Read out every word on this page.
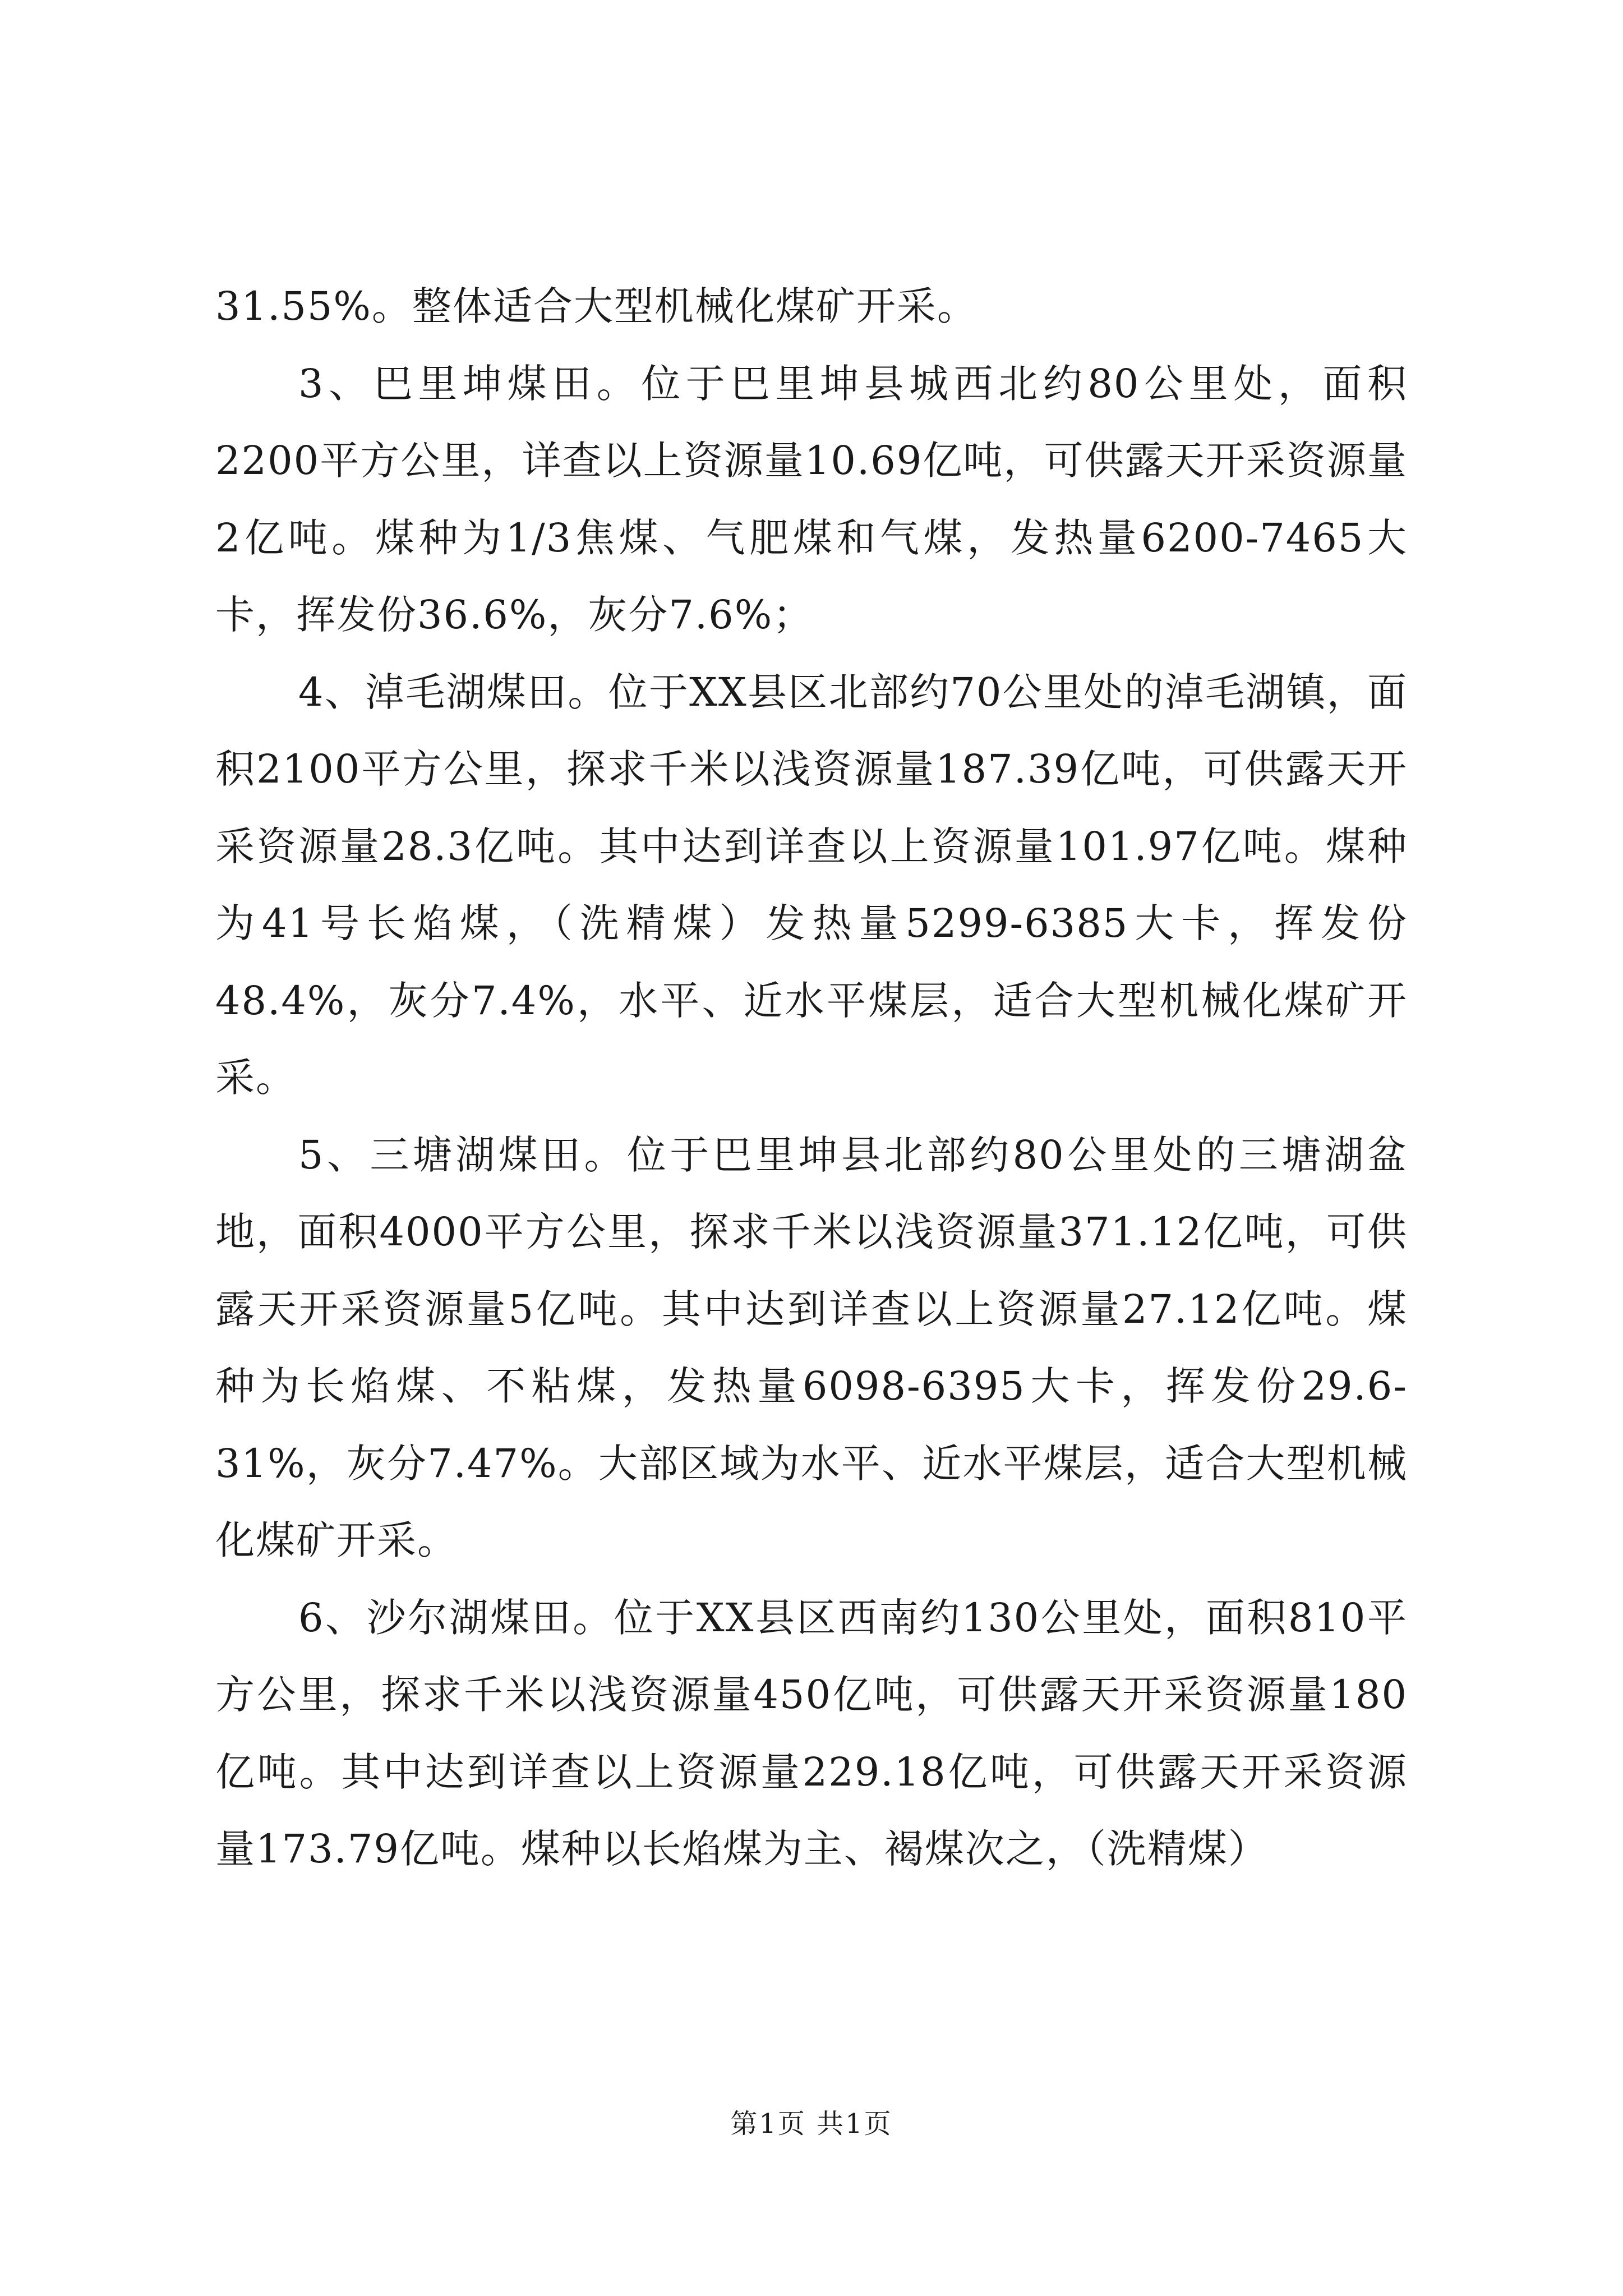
31.55%。整体适合大型机械化煤矿开采。

3、巴里坤煤田。位于巴里坤县城西北约80公里处，面积2200平方公里，详查以上资源量10.69亿吨，可供露天开采资源量2亿吨。煤种为1/3焦煤、气肥煤和气煤，发热量6200-7465大卡，挥发份36.6%，灰分7.6%；

4、淖毛湖煤田。位于XX县区北部约70公里处的淖毛湖镇，面积2100平方公里，探求千米以浅资源量187.39亿吨，可供露天开采资源量28.3亿吨。其中达到详查以上资源量101.97亿吨。煤种为41号长焰煤，（洗精煤）发热量5299-6385大卡，挥发份48.4%，灰分7.4%，水平、近水平煤层，适合大型机械化煤矿开采。

5、三塘湖煤田。位于巴里坤县北部约80公里处的三塘湖盆地，面积4000平方公里，探求千米以浅资源量371.12亿吨，可供露天开采资源量5亿吨。其中达到详查以上资源量27.12亿吨。煤种为长焰煤、不粘煤，发热量6098-6395大卡，挥发份29.6-31%，灰分7.47%。大部区域为水平、近水平煤层，适合大型机械化煤矿开采。

6、沙尔湖煤田。位于XX县区西南约130公里处，面积810平方公里，探求千米以浅资源量450亿吨，可供露天开采资源量180亿吨。其中达到详查以上资源量229.18亿吨，可供露天开采资源量173.79亿吨。煤种以长焰煤为主、褐煤次之，（洗精煤）

第1页 共1页
